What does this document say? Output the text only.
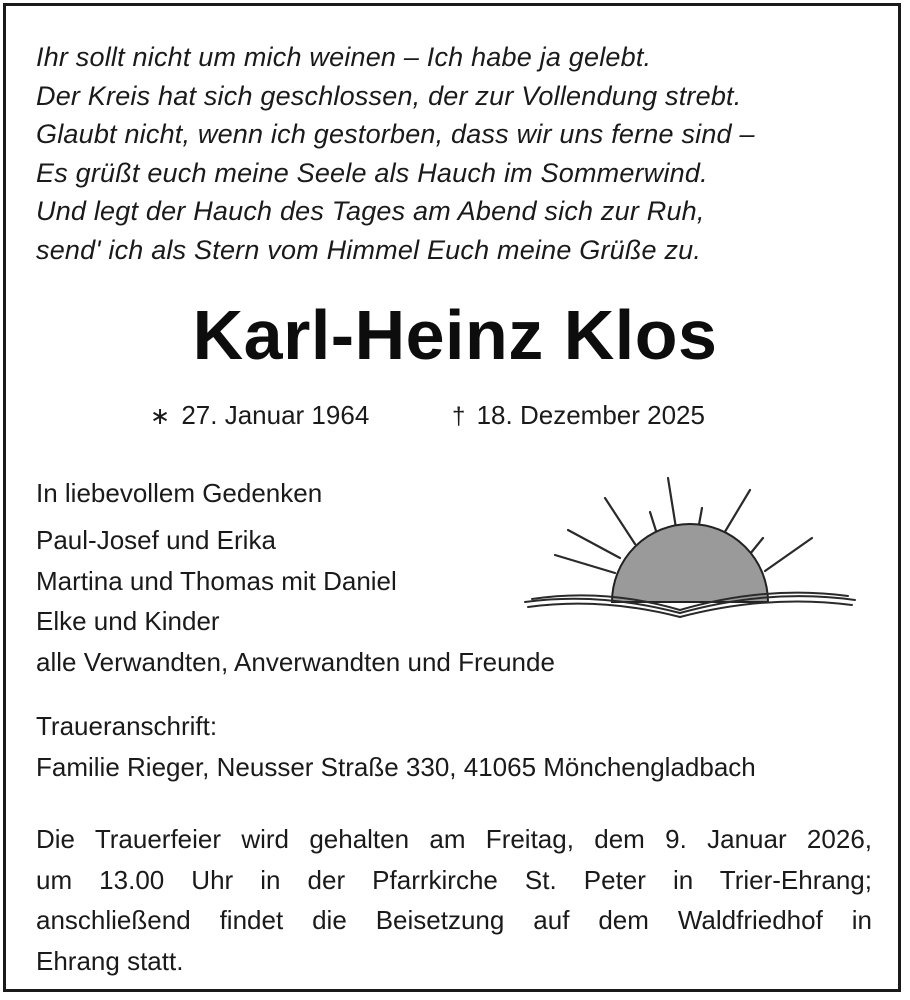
Ihr sollt nicht um mich weinen – Ich habe ja gelebt.
Der Kreis hat sich geschlossen, der zur Vollendung strebt.
Glaubt nicht, wenn ich gestorben, dass wir uns ferne sind –
Es grüßt euch meine Seele als Hauch im Sommerwind.
Und legt der Hauch des Tages am Abend sich zur Ruh,
send' ich als Stern vom Himmel Euch meine Grüße zu.
Karl-Heinz Klos
∗ 27. Januar 1964	† 18. Dezember 2025
In liebevollem Gedenken
Paul-Josef und Erika
Martina und Thomas mit Daniel
Elke und Kinder
alle Verwandten, Anverwandten und Freunde
Traueranschrift:
Familie Rieger, Neusser Straße 330, 41065 Mönchengladbach
Die Trauerfeier wird gehalten am Freitag, dem 9. Januar 2026,
um 13.00 Uhr in der Pfarrkirche St. Peter in Trier-Ehrang;
anschließend findet die Beisetzung auf dem Waldfriedhof in
Ehrang statt.
